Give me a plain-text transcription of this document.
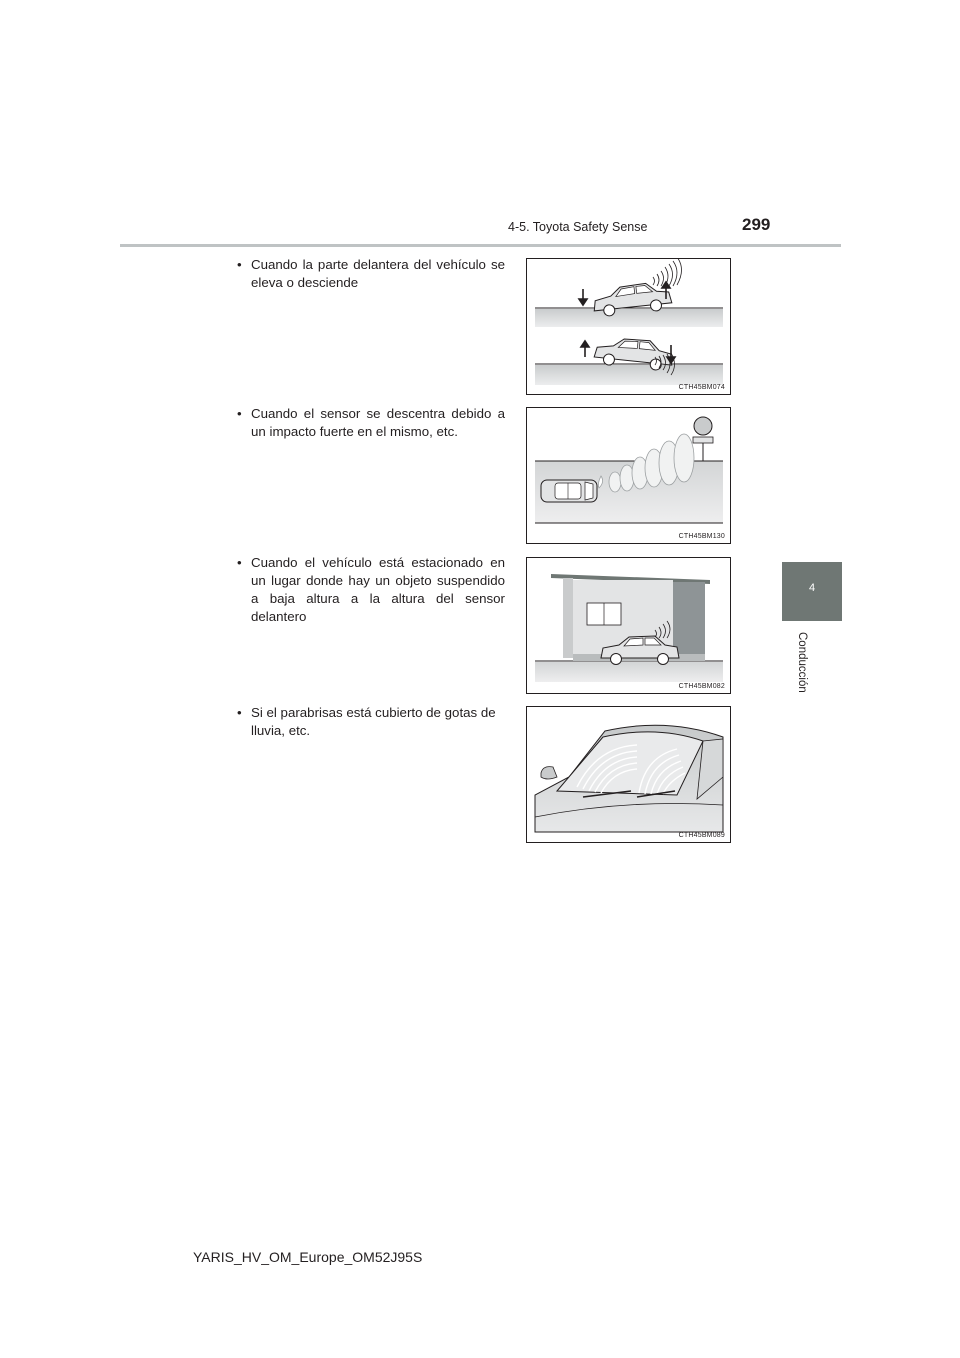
4-5. Toyota Safety Sense	299
4
Conducción
• Cuando la parte delantera del vehículo se eleva o desciende
CTH45BM074
• Cuando el sensor se descentra debido a un impacto fuerte en el mismo, etc.
CTH45BM130
• Cuando el vehículo está estacionado en un lugar donde hay un objeto suspendido a baja altura a la altura del sensor delantero
CTH45BM082
• Si el parabrisas está cubierto de gotas de lluvia, etc.
CTH45BM089
YARIS_HV_OM_Europe_OM52J95S
